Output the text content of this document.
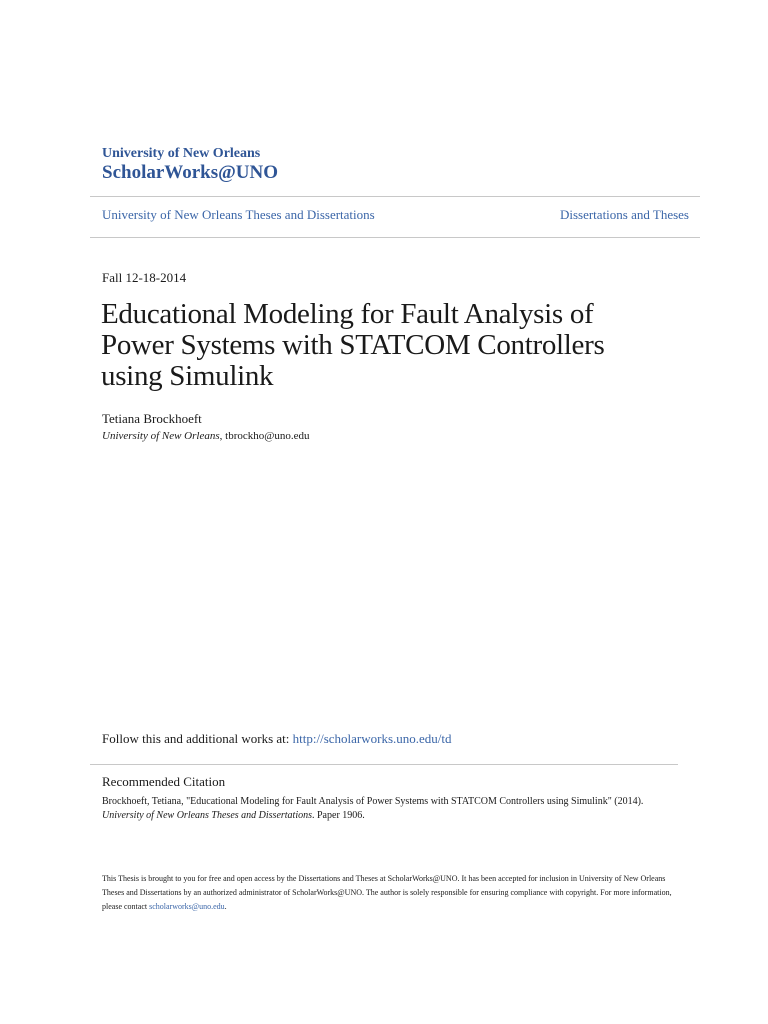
University of New Orleans
ScholarWorks@UNO
University of New Orleans Theses and Dissertations	Dissertations and Theses
Fall 12-18-2014
Educational Modeling for Fault Analysis of Power Systems with STATCOM Controllers using Simulink
Tetiana Brockhoeft
University of New Orleans, tbrockho@uno.edu
Follow this and additional works at: http://scholarworks.uno.edu/td
Recommended Citation
Brockhoeft, Tetiana, "Educational Modeling for Fault Analysis of Power Systems with STATCOM Controllers using Simulink" (2014).
University of New Orleans Theses and Dissertations. Paper 1906.
This Thesis is brought to you for free and open access by the Dissertations and Theses at ScholarWorks@UNO. It has been accepted for inclusion in University of New Orleans Theses and Dissertations by an authorized administrator of ScholarWorks@UNO. The author is solely responsible for ensuring compliance with copyright. For more information, please contact scholarworks@uno.edu.
